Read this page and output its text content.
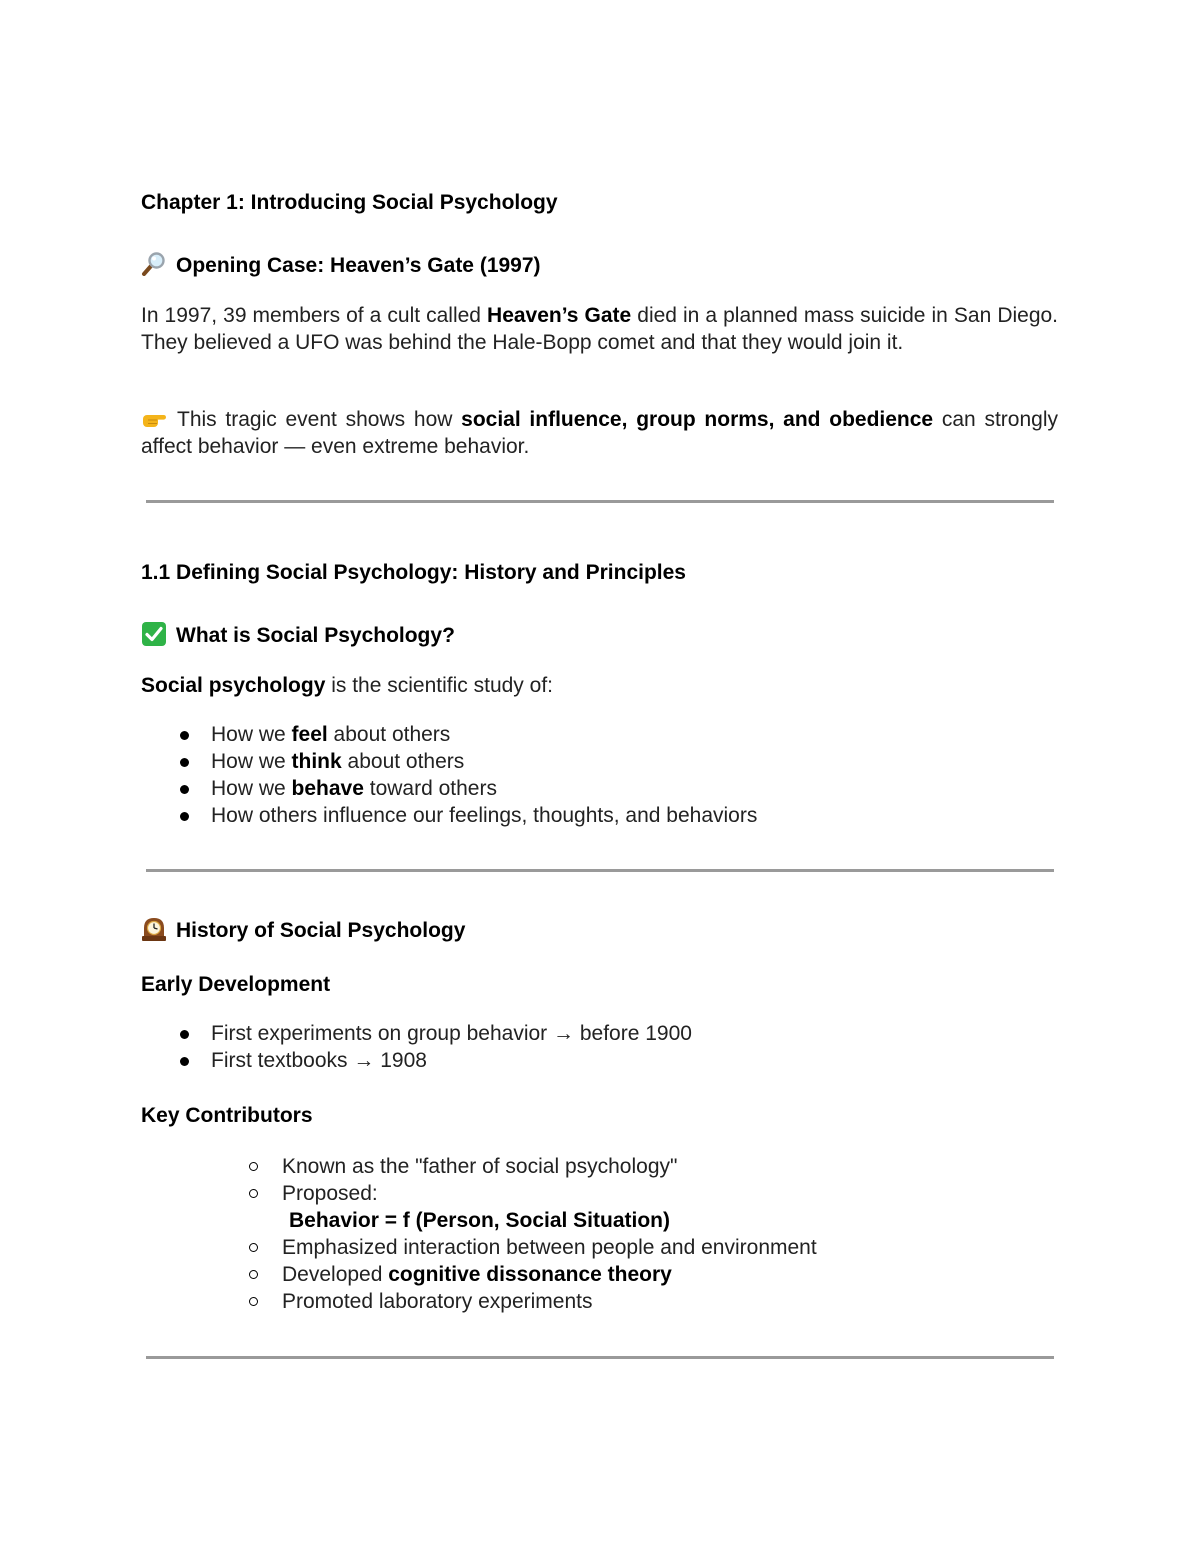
Chapter 1: Introducing Social Psychology
Opening Case: Heaven’s Gate (1997)
In 1997, 39 members of a cult called Heaven’s Gate died in a planned mass suicide in San Diego. They believed a UFO was behind the Hale-Bopp comet and that they would join it.
This tragic event shows how social influence, group norms, and obedience can strongly affect behavior — even extreme behavior.
1.1 Defining Social Psychology: History and Principles
What is Social Psychology?
Social psychology is the scientific study of:
How we feel about others
How we think about others
How we behave toward others
How others influence our feelings, thoughts, and behaviors
History of Social Psychology
Early Development
First experiments on group behavior → before 1900
First textbooks → 1908
Key Contributors
Known as the "father of social psychology"
Proposed:
Behavior = f (Person, Social Situation)
Emphasized interaction between people and environment
Developed cognitive dissonance theory
Promoted laboratory experiments
